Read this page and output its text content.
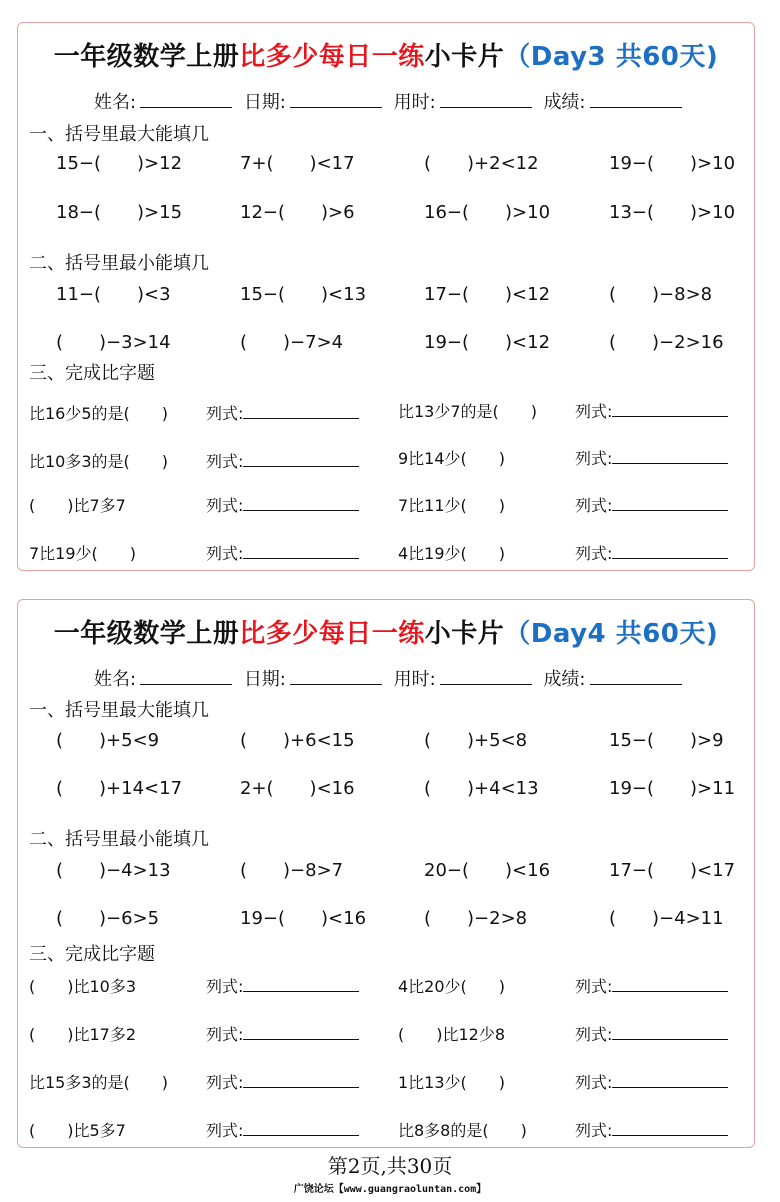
一年级数学上册比多少每日一练小卡片（Day3 共60天)
姓名:	日期:	用时:	成绩:
一、括号里最大能填几
15−(　　)>12	7+(　　)<17	(　　)+2<12	19−(　　)>10
18−(　　)>15	12−(　　)>6	16−(　　)>10	13−(　　)>10
二、括号里最小能填几
11−(　　)<3	15−(　　)<13	17−(　　)<12	(　　)−8>8
(　　)−3>14	(　　)−7>4	19−(　　)<12	(　　)−2>16
三、完成比字题
比16少5的是(　　) 列式:	比13少7的是(　　) 列式:
比10多3的是(　　) 列式:	9比14少(　　)	列式:
(　　)比7多7	列式:	7比11少(　　)	列式:
7比19少(　　)	列式:	4比19少(　　)	列式:
一年级数学上册比多少每日一练小卡片（Day4 共60天)
姓名:	日期:	用时:	成绩:
一、括号里最大能填几
(　　)+5<9	(　　)+6<15	(　　)+5<8	15−(　　)>9
(　　)+14<17	2+(　　)<16	(　　)+4<13	19−(　　)>11
二、括号里最小能填几
(　　)−4>13	(　　)−8>7	20−(　　)<16	17−(　　)<17
(　　)−6>5	19−(　　)<16	(　　)−2>8	(　　)−4>11
三、完成比字题
(　　)比10多3	列式:	4比20少(　　)	列式:
(　　)比17多2	列式:	(　　)比12少8	列式:
比15多3的是(　　) 列式:	1比13少(　　)	列式:
(　　)比5多7	列式:	比8多8的是(　　)	列式:
第2页,共30页
广饶论坛【www.guangraoluntan.com】
